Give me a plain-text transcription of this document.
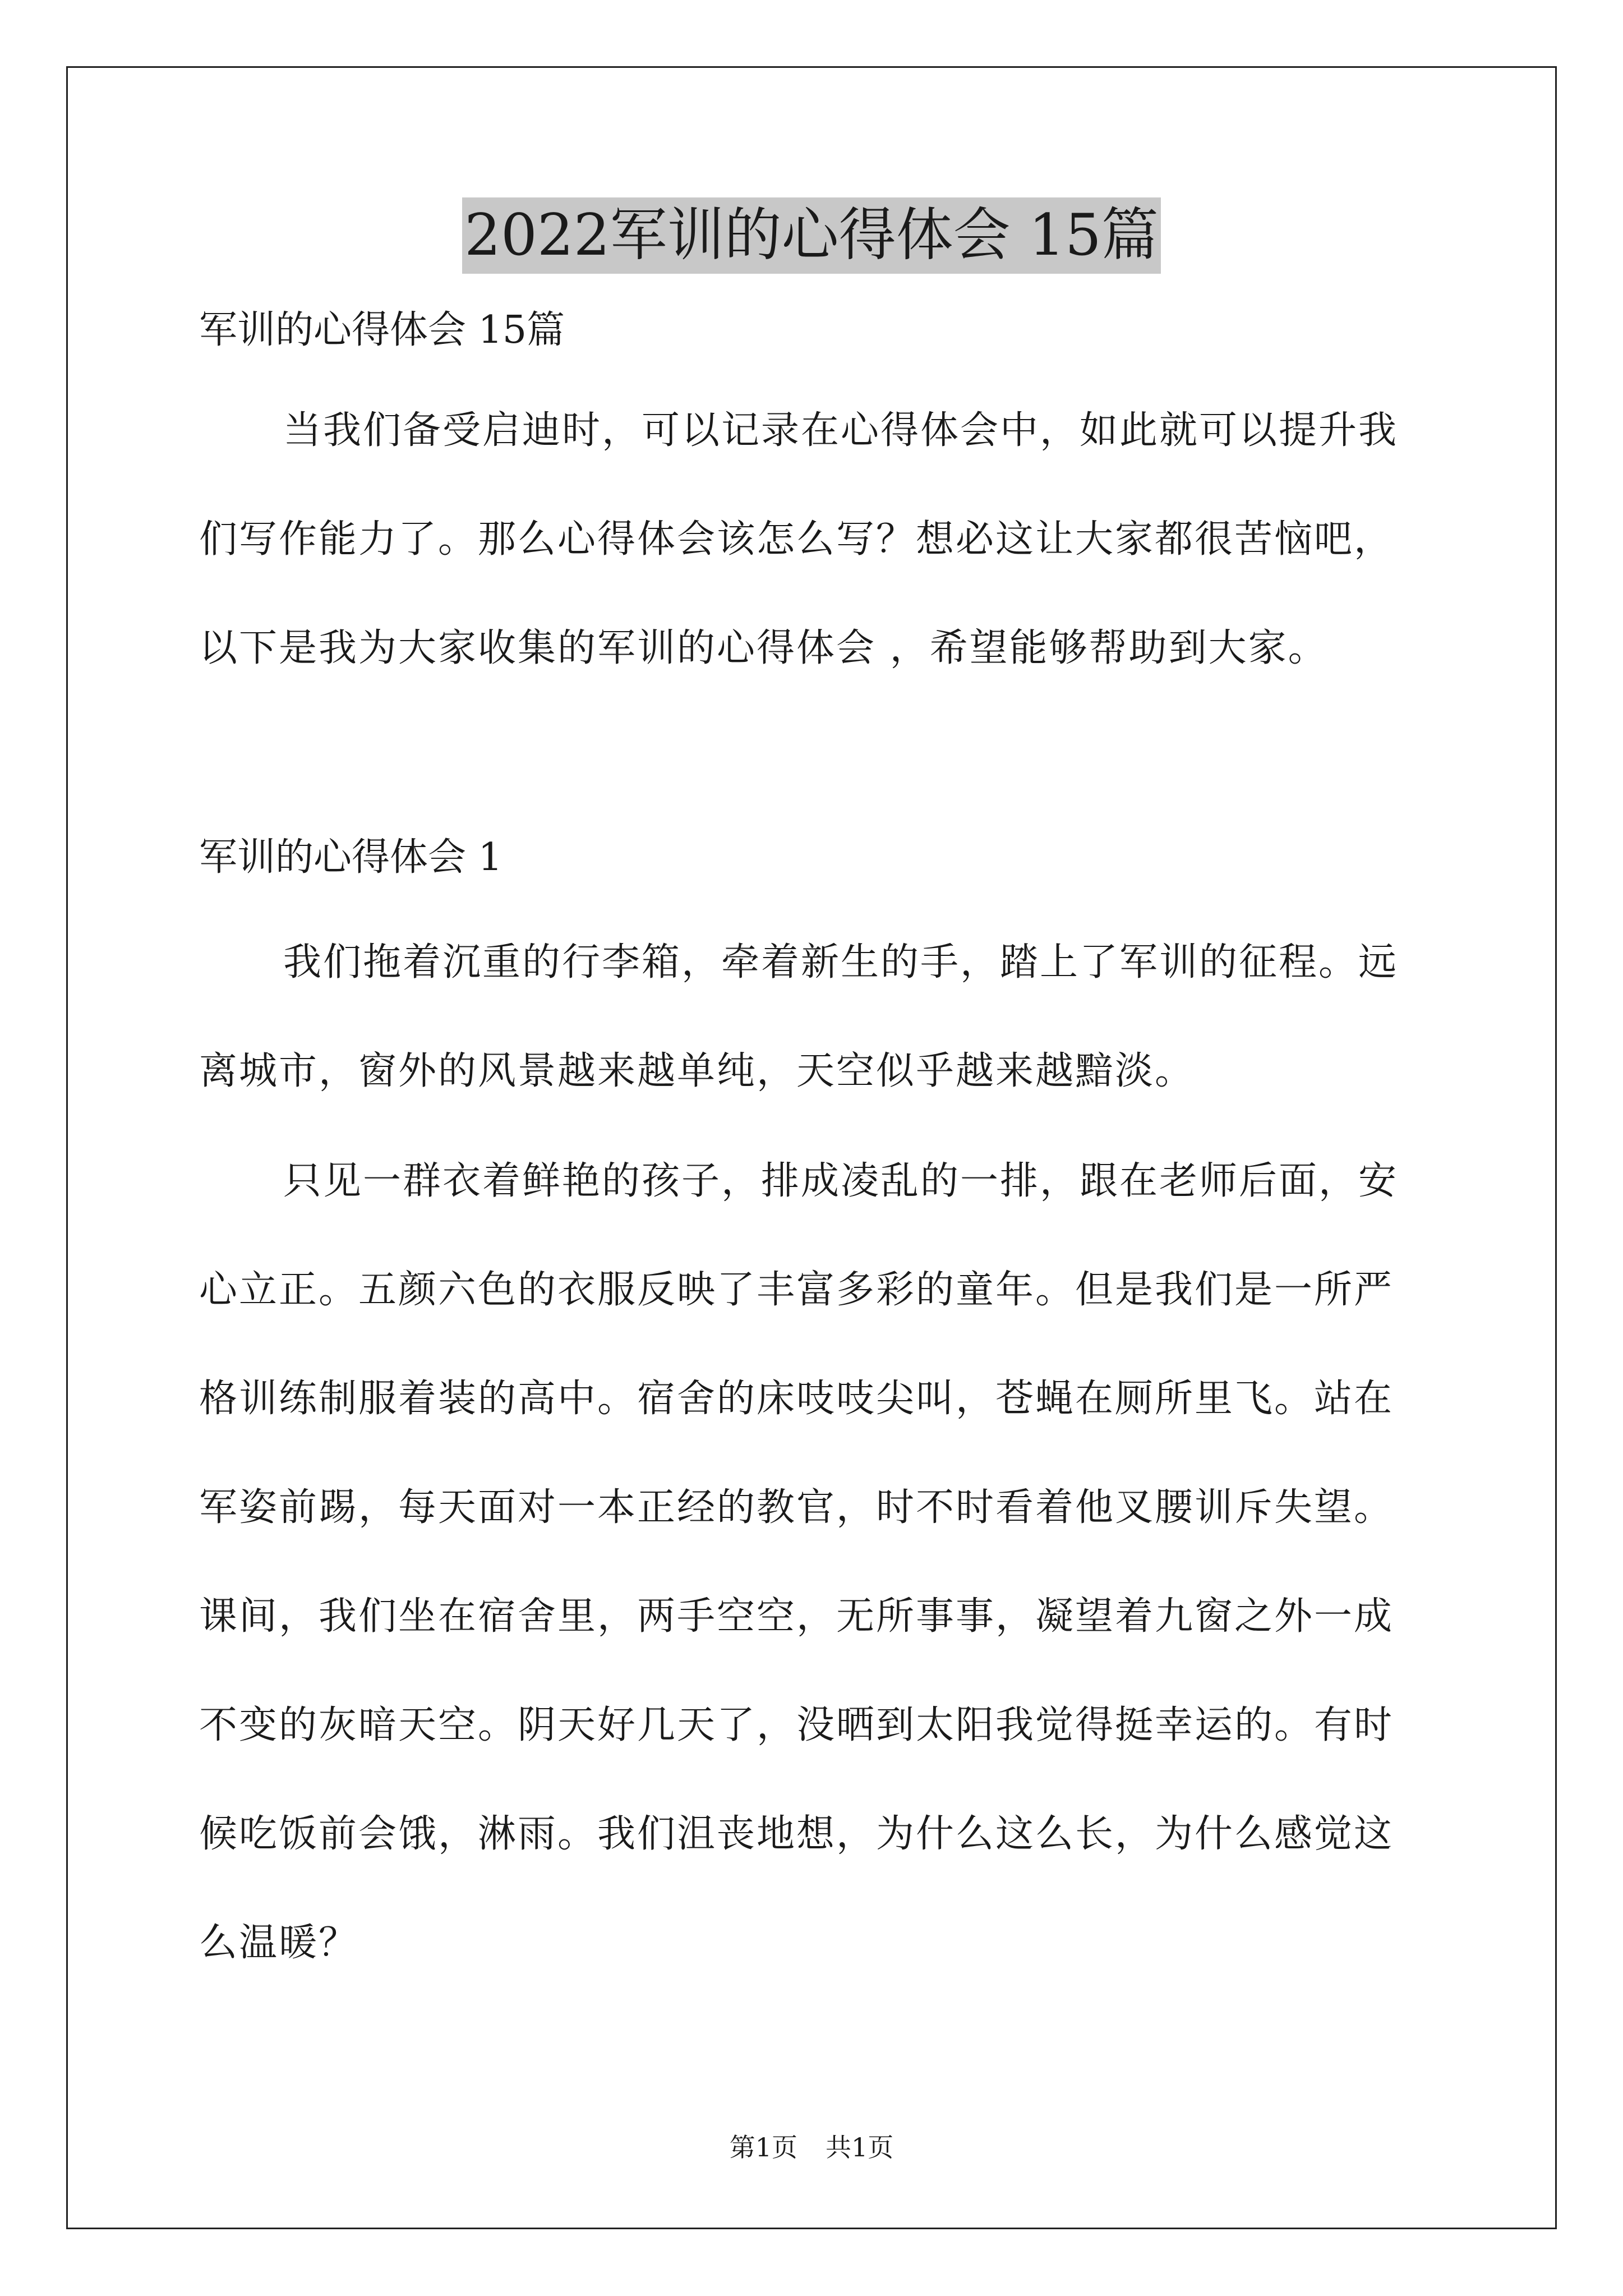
2022军训的心得体会 15篇
军训的心得体会 15篇
当我们备受启迪时，可以记录在心得体会中，如此就可以提升我
们写作能力了。那么心得体会该怎么写？想必这让大家都很苦恼吧，
以下是我为大家收集的军训的心得体会 ，希望能够帮助到大家。
军训的心得体会 1
我们拖着沉重的行李箱，牵着新生的手，踏上了军训的征程。远
离城市，窗外的风景越来越单纯，天空似乎越来越黯淡。
只见一群衣着鲜艳的孩子，排成凌乱的一排，跟在老师后面，安
心立正。五颜六色的衣服反映了丰富多彩的童年。但是我们是一所严
格训练制服着装的高中。宿舍的床吱吱尖叫，苍蝇在厕所里飞。站在
军姿前踢，每天面对一本正经的教官，时不时看着他叉腰训斥失望。
课间，我们坐在宿舍里，两手空空，无所事事，凝望着九窗之外一成
不变的灰暗天空。阴天好几天了，没晒到太阳我觉得挺幸运的。有时
候吃饭前会饿，淋雨。我们沮丧地想，为什么这么长，为什么感觉这
么温暖？
第1页 共1页
